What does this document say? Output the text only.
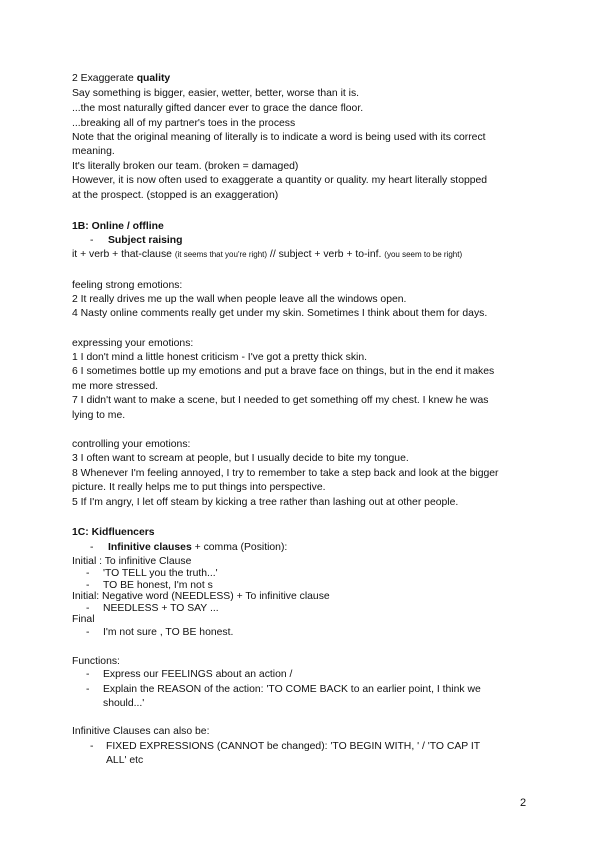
2 Exaggerate quality
Say something is bigger, easier, wetter, better, worse than it is.
...the most naturally gifted dancer ever to grace the dance floor.
...breaking all of my partner's toes in the process
Note that the original meaning of literally is to indicate a word is being used with its correct
meaning.
It's literally broken our team. (broken = damaged)
However, it is now often used to exaggerate a quantity or quality. my heart literally stopped
at the prospect. (stopped is an exaggeration)
1B: Online / offline
- Subject raising
it + verb + that-clause (it seems that you're right) // subject + verb + to-inf. (you seem to be right)
feeling strong emotions:
2 It really drives me up the wall when people leave all the windows open.
4 Nasty online comments really get under my skin. Sometimes I think about them for days.
expressing your emotions:
1 I don't mind a little honest criticism - I've got a pretty thick skin.
6 I sometimes bottle up my emotions and put a brave face on things, but in the end it makes
me more stressed.
7 I didn't want to make a scene, but I needed to get something off my chest. I knew he was
lying to me.
controlling your emotions:
3 I often want to scream at people, but I usually decide to bite my tongue.
8 Whenever I'm feeling annoyed, I try to remember to take a step back and look at the bigger
picture. It really helps me to put things into perspective.
5 If I'm angry, I let off steam by kicking a tree rather than lashing out at other people.
1C: Kidfluencers
- Infinitive clauses + comma (Position):
Initial : To infinitive Clause
- 'TO TELL you the truth...'
- TO BE honest, I'm not s
Initial: Negative word (NEEDLESS) + To infinitive clause
- NEEDLESS + TO SAY ...
Final
- I'm not sure , TO BE honest.
Functions:
- Express our FEELINGS about an action /
- Explain the REASON of the action: 'TO COME BACK to an earlier point, I think we
should...'
Infinitive Clauses can also be:
- FIXED EXPRESSIONS (CANNOT be changed): 'TO BEGIN WITH, ' / 'TO CAP IT
ALL' etc
2
